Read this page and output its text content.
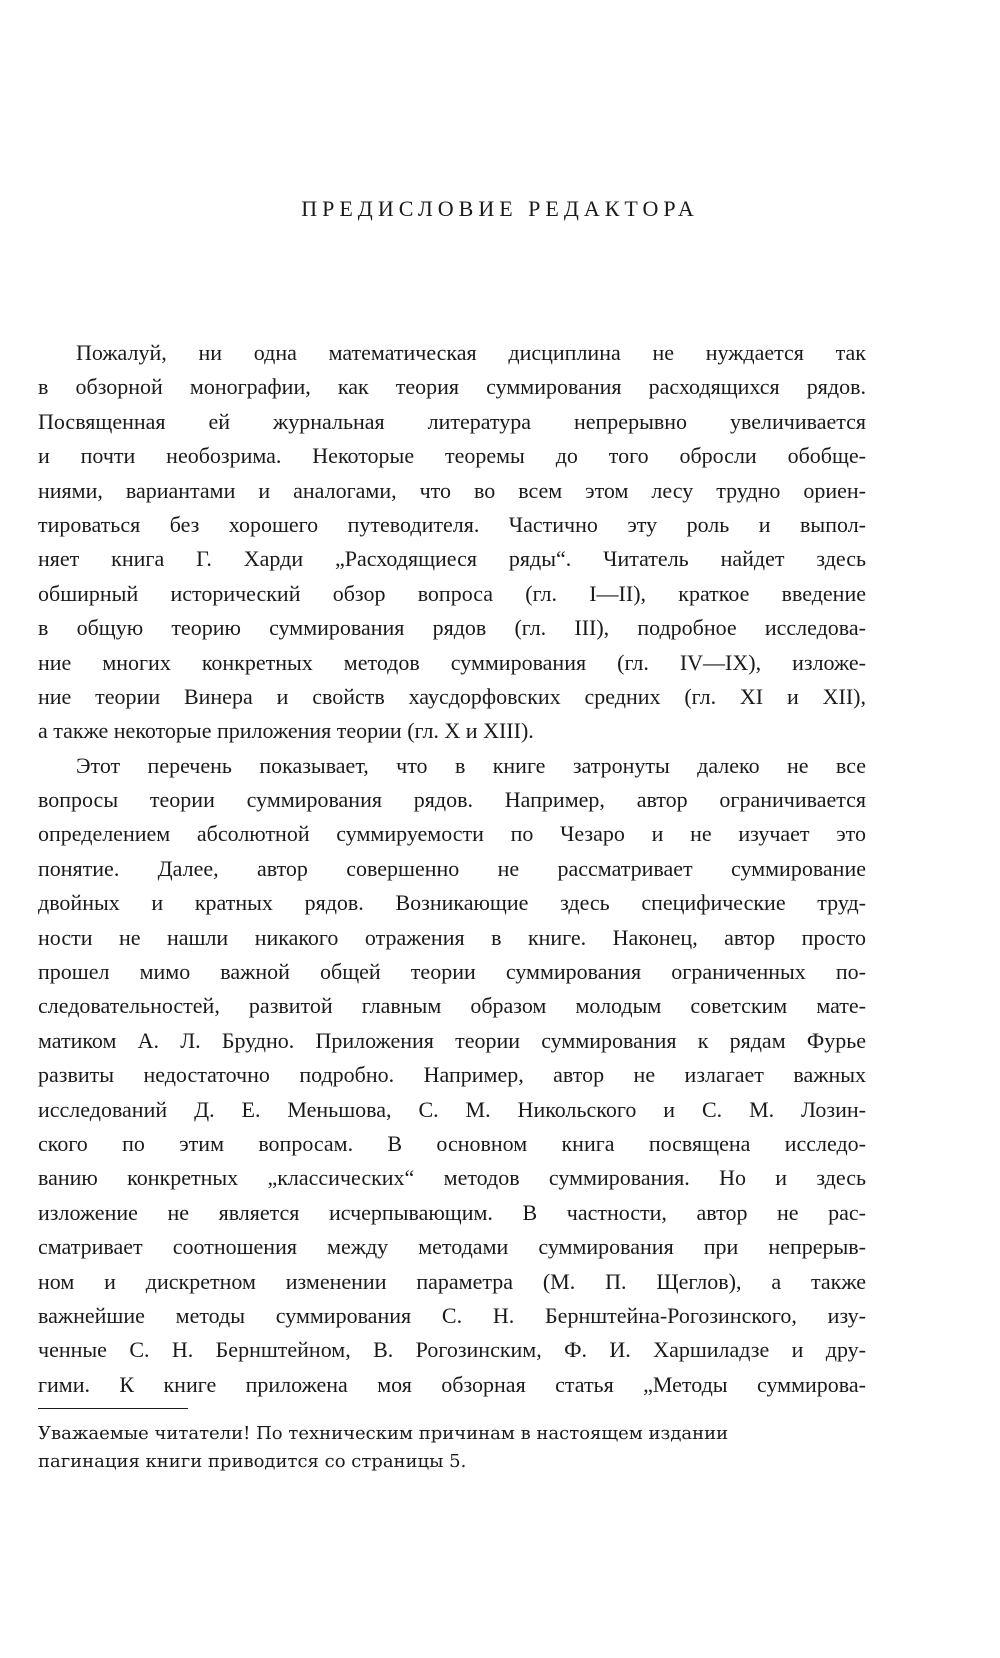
ПРЕДИСЛОВИЕ РЕДАКТОРА
Пожалуй, ни одна математическая дисциплина не нуждается так
в обзорной монографии, как теория суммирования расходящихся рядов.
Посвященная ей журнальная литература непрерывно увеличивается
и почти необозрима. Некоторые теоремы до того обросли обобще-
ниями, вариантами и аналогами, что во всем этом лесу трудно ориен-
тироваться без хорошего путеводителя. Частично эту роль и выпол-
няет книга Г. Харди „Расходящиеся ряды“. Читатель найдет здесь
обширный исторический обзор вопроса (гл. I—II), краткое введение
в общую теорию суммирования рядов (гл. III), подробное исследова-
ние многих конкретных методов суммирования (гл. IV—IX), изложе-
ние теории Винера и свойств хаусдорфовских средних (гл. XI и XII),
а также некоторые приложения теории (гл. X и XIII).
Этот перечень показывает, что в книге затронуты далеко не все
вопросы теории суммирования рядов. Например, автор ограничивается
определением абсолютной суммируемости по Чезаро и не изучает это
понятие. Далее, автор совершенно не рассматривает суммирование
двойных и кратных рядов. Возникающие здесь специфические труд-
ности не нашли никакого отражения в книге. Наконец, автор просто
прошел мимо важной общей теории суммирования ограниченных по-
следовательностей, развитой главным образом молодым советским мате-
матиком А. Л. Брудно. Приложения теории суммирования к рядам Фурье
развиты недостаточно подробно. Например, автор не излагает важных
исследований Д. Е. Меньшова, С. М. Никольского и С. М. Лозин-
ского по этим вопросам. В основном книга посвящена исследо-
ванию конкретных „классических“ методов суммирования. Но и здесь
изложение не является исчерпывающим. В частности, автор не рас-
сматривает соотношения между методами суммирования при непрерыв-
ном и дискретном изменении параметра (М. П. Щеглов), а также
важнейшие методы суммирования С. Н. Бернштейна-Рогозинского, изу-
ченные С. Н. Бернштейном, В. Рогозинским, Ф. И. Харшиладзе и дру-
гими. К книге приложена моя обзорная статья „Методы суммирова-
Уважаемые читатели! По техническим причинам в настоящем издании
пагинация книги приводится со страницы 5.
